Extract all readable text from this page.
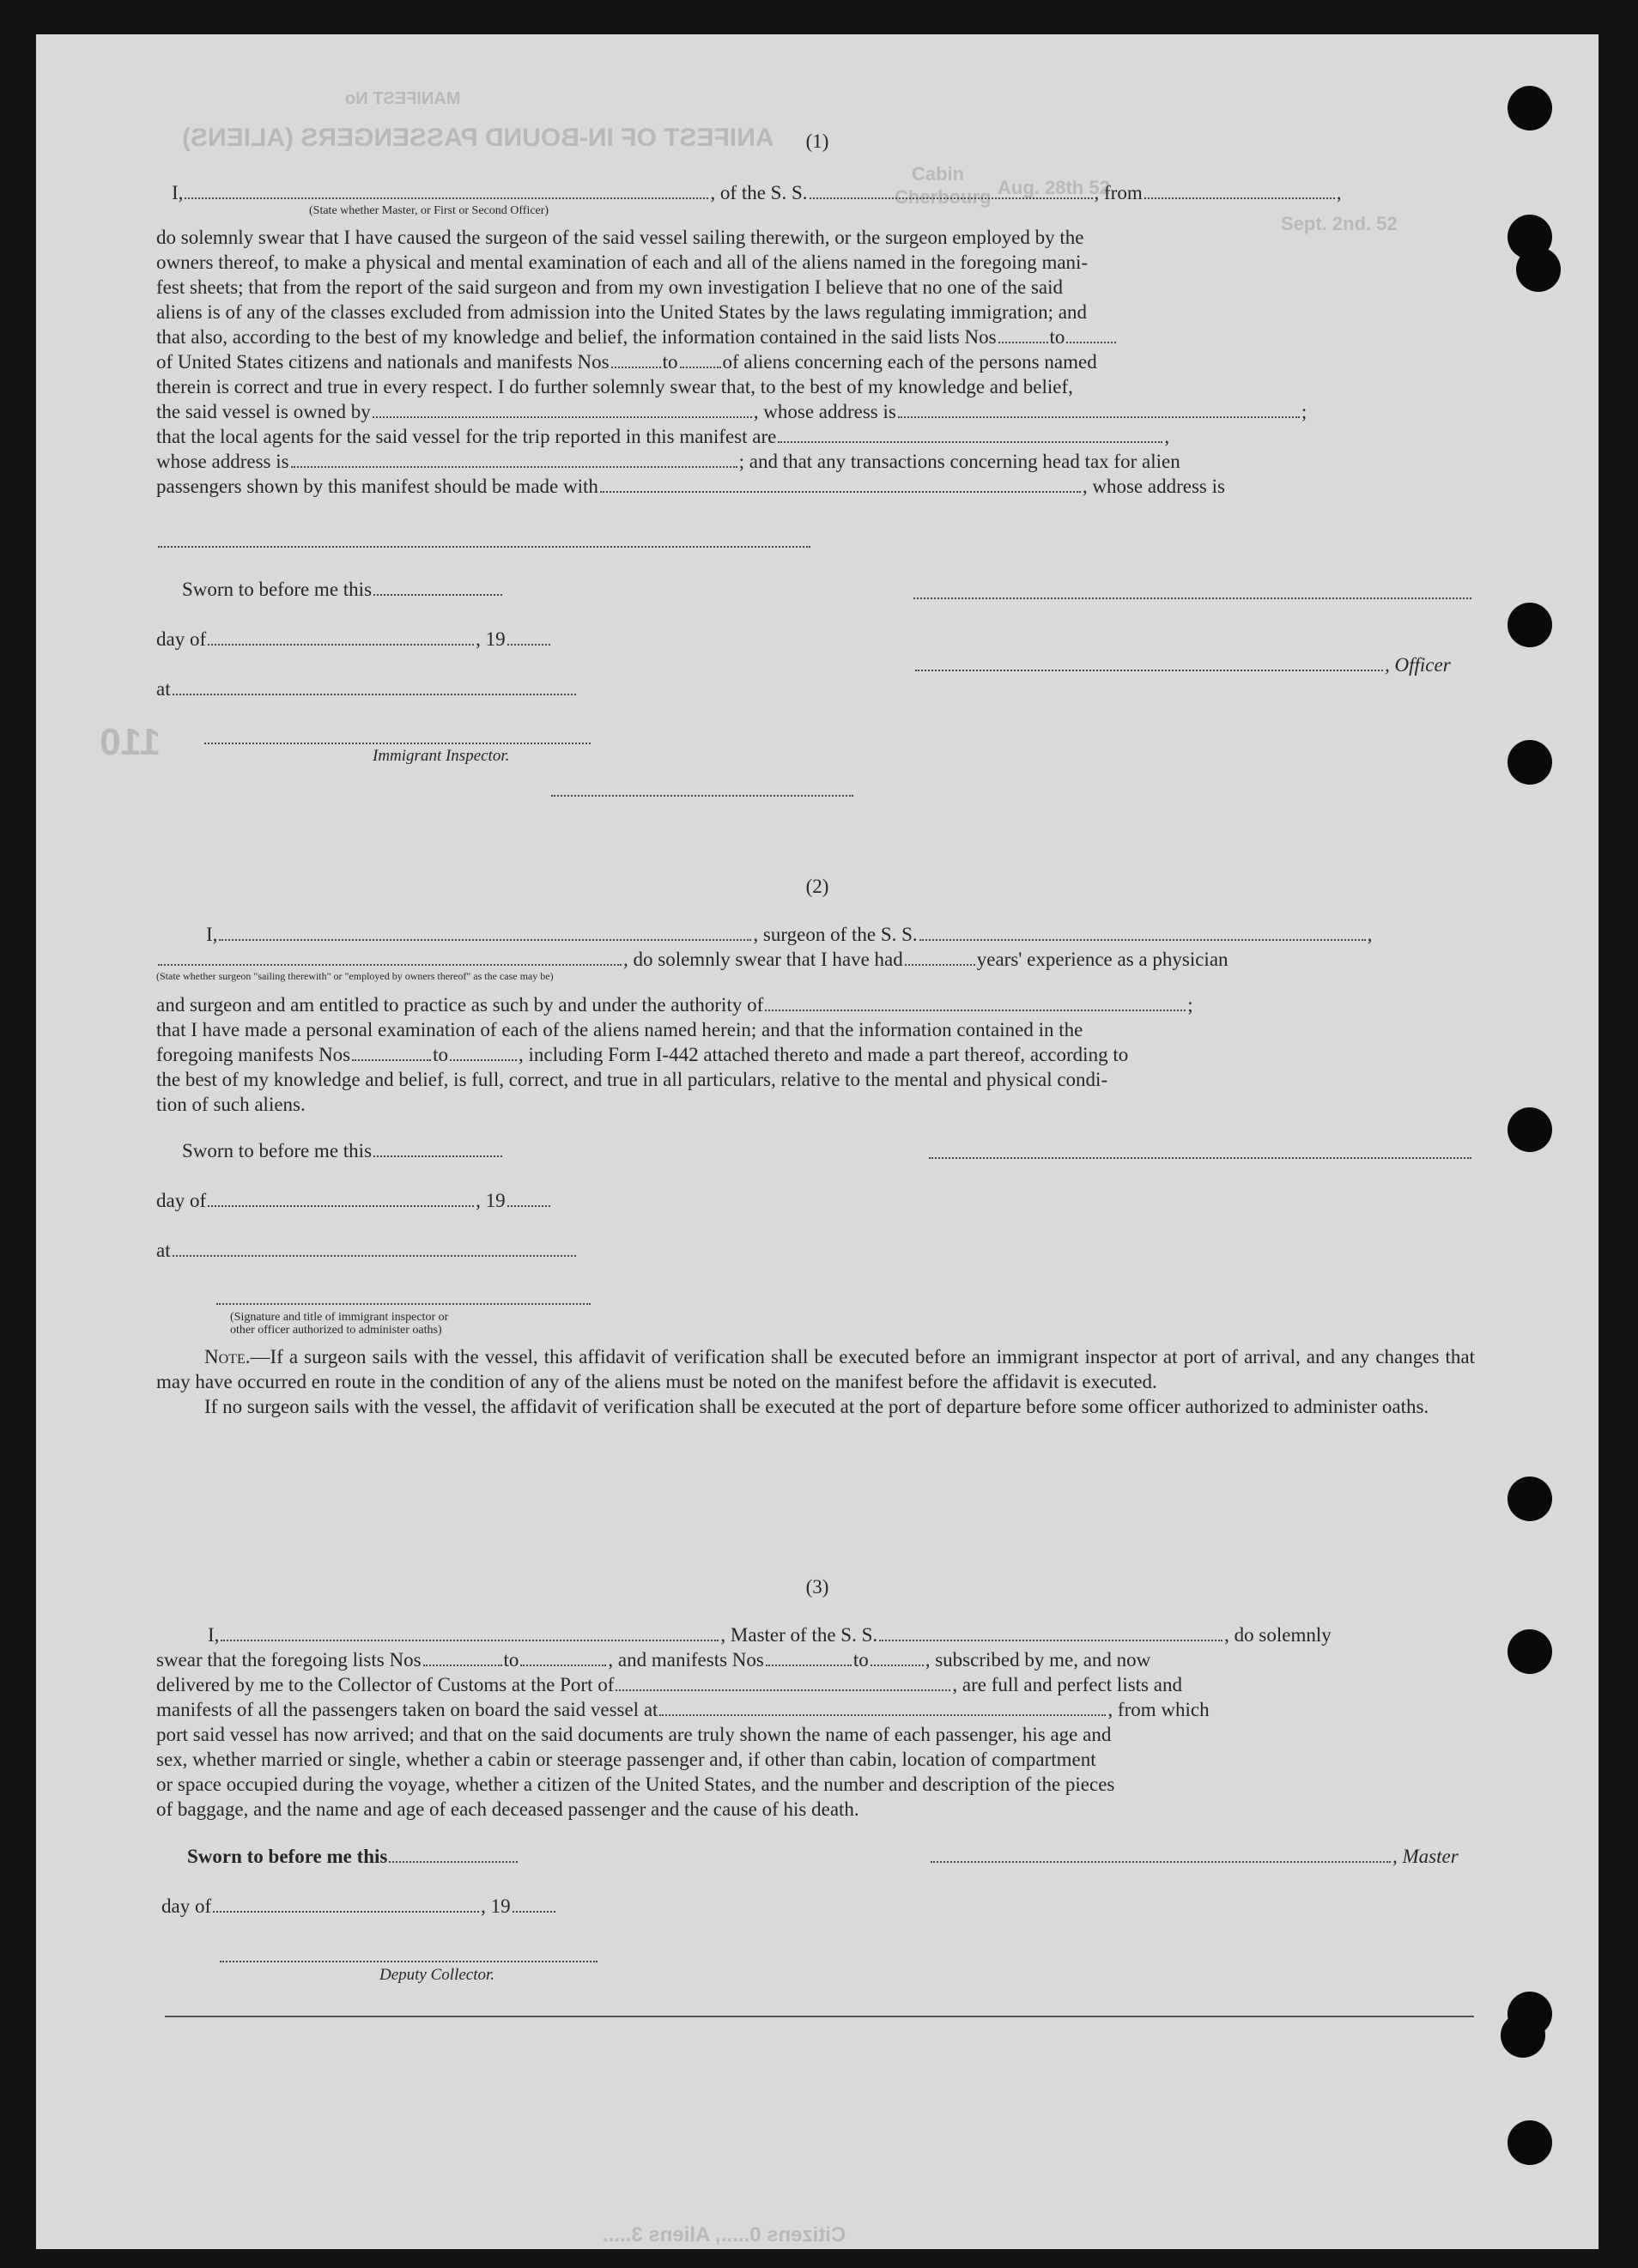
MANIFEST No
ANIFEST OF IN-BOUND PASSENGERS (ALIENS)
Cabin
Cherbourg Aug. 28th 52
Sept. 2nd. 52
110
Citizens 0....., Aliens 3.....
(1)
I,	, of the S. S.	, from	,
(State whether Master, or First or Second Officer)

do solemnly swear that I have caused the surgeon of the said vessel sailing therewith, or the surgeon employed by the

owners thereof, to make a physical and mental examination of each and all of the aliens named in the foregoing mani-

fest sheets; that from the report of the said surgeon and from my own investigation I believe that no one of the said

aliens is of any of the classes excluded from admission into the United States by the laws regulating immigration; and

that also, according to the best of my knowledge and belief, the information contained in the said lists Nos	to

of United States citizens and nationals and manifests Nos	to of aliens concerning each of the persons named

therein is correct and true in every respect. I do further solemnly swear that, to the best of my knowledge and belief,

the said vessel is owned by	, whose address is	;

that the local agents for the said vessel for the trip reported in this manifest are	,

whose address is	; and that any transactions concerning head tax for alien

passengers shown by this manifest should be made with	, whose address is

Sworn to before me this
day of	, 19
, Officer
at
Immigrant Inspector.
(2)
I,	, surgeon of the S. S.	,
, do solemnly swear that I have had	years' experience as a physician
(State whether surgeon "sailing therewith" or "employed by owners thereof" as the case may be)

and surgeon and am entitled to practice as such by and under the authority of	;

that I have made a personal examination of each of the aliens named herein; and that the information contained in the

foregoing manifests Nos	to	, including Form I-442 attached thereto and made a part thereof, according to

the best of my knowledge and belief, is full, correct, and true in all particulars, relative to the mental and physical condi-

tion of such aliens.

Sworn to before me this
day of	, 19
at
(Signature and title of immigrant inspector or
other officer authorized to administer oaths)

Note.—If a surgeon sails with the vessel, this affidavit of verification shall be executed before an immigrant inspector at port of arrival, and any changes that may have occurred en route in the condition of any of the aliens must be noted on the manifest before the affidavit is executed.

If no surgeon sails with the vessel, the affidavit of verification shall be executed at the port of departure before some officer authorized to administer oaths.

(3)
I,	, Master of the S. S.	, do solemnly

swear that the foregoing lists Nos	to	, and manifests Nos	to	, subscribed by me, and now

delivered by me to the Collector of Customs at the Port of	, are full and perfect lists and

manifests of all the passengers taken on board the said vessel at	, from which

port said vessel has now arrived; and that on the said documents are truly shown the name of each passenger, his age and

sex, whether married or single, whether a cabin or steerage passenger and, if other than cabin, location of compartment

or space occupied during the voyage, whether a citizen of the United States, and the number and description of the pieces

of baggage, and the name and age of each deceased passenger and the cause of his death.

Sworn to before me this	, Master
day of	, 19
Deputy Collector.
